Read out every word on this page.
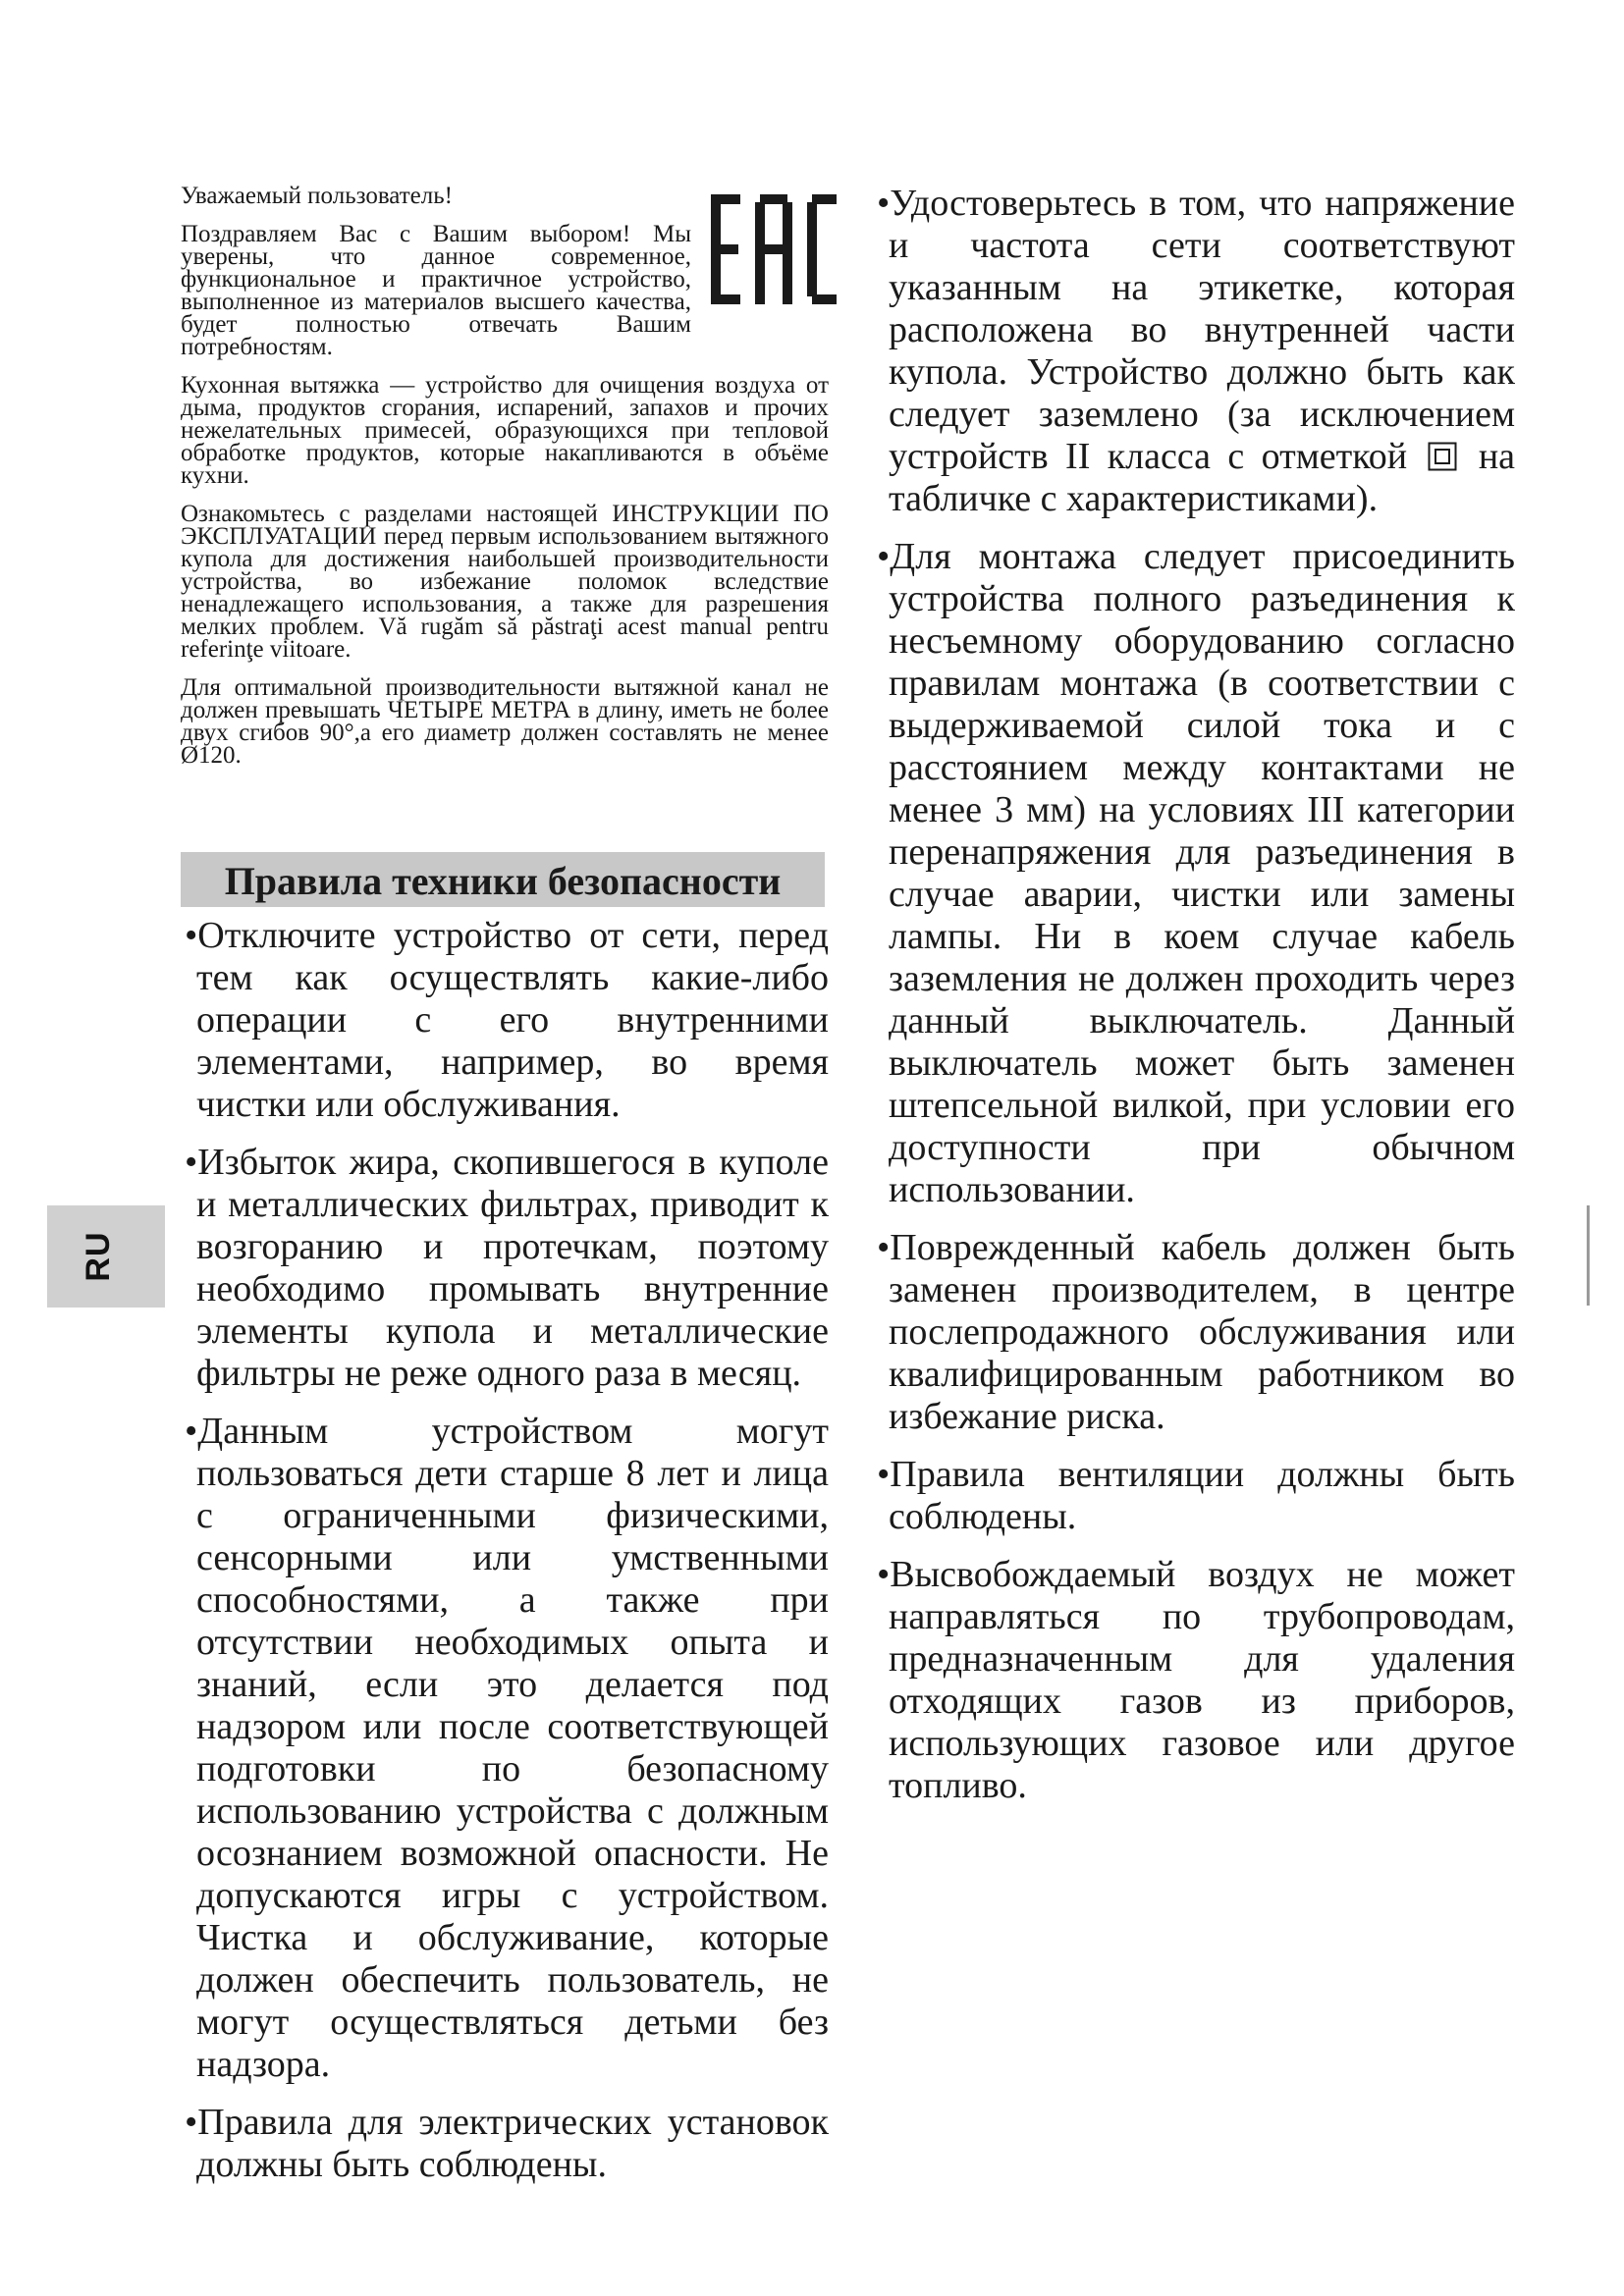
Уважаемый пользователь!

Поздравляем Вас с Вашим выбором! Мы уверены, что данное современное, функциональное и практичное устройство, выполненное из материалов высшего качества, будет полностью отвечать Вашим потребностям.

Кухонная вытяжка — устройство для очищения воздуха от дыма, продуктов сгорания, испарений, запахов и прочих нежелательных примесей, образующихся при тепловой обработке продуктов, которые накапливаются в объёме кухни.

Ознакомьтесь с разделами настоящей ИНСТРУКЦИИ ПО ЭКСПЛУАТАЦИИ перед первым использованием вытяжного купола для достижения наибольшей производительности устройства, во избежание поломок вследствие ненадлежащего использования, а также для разрешения мелких проблем. Vă rugăm să păstraţi acest manual pentru referinţe viitoare.

Для оптимальной производительности вытяжной канал не должен превышать ЧЕТЫРЕ МЕТРА в длину, иметь не более двух сгибов 90°,а его диаметр должен составлять не менее Ø120.

Правила техники безопасности
•Отключите устройство от сети, перед тем как осуществлять какие-либо операции с его внутренними элементами, например, во время чистки или обслуживания.
•Избыток жира, скопившегося в куполе и металлических фильтрах, приводит к возгоранию и протечкам, поэтому необходимо промывать внутренние элементы купола и металлические фильтры не реже одного раза в месяц.
•Данным устройством могут пользоваться дети старше 8 лет и лица с ограниченными физическими, сенсорными или умственными способностями, а также при отсутствии необходимых опыта и знаний, если это делается под надзором или после соответствующей подготовки по безопасному использованию устройства с должным осознанием возможной опасности. Не допускаются игры с устройством. Чистка и обслуживание, которые должен обеспечить пользователь, не могут осуществляться детьми без надзора.
•Правила для электрических установок должны быть соблюдены.
•Удостоверьтесь в том, что напряжение и частота сети соответствуют указанным на этикетке, которая расположена во внутренней части купола. Устройство должно быть как следует заземлено (за исключением устройств II класса с отметкой на табличке с характеристиками).
•Для монтажа следует присоединить устройства полного разъединения к несъемному оборудованию согласно правилам монтажа (в соответствии с выдерживаемой силой тока и с расстоянием между контактами не менее 3 мм) на условиях III категории перенапряжения для разъединения в случае аварии, чистки или замены лампы. Ни в коем случае кабель заземления не должен проходить через данный выключатель. Данный выключатель может быть заменен штепсельной вилкой, при условии его доступности при обычном использовании.
•Поврежденный кабель должен быть заменен производителем, в центре послепродажного обслуживания или квалифицированным работником во избежание риска.
•Правила вентиляции должны быть соблюдены.
•Высвобождаемый воздух не может направляться по трубопроводам, предназначенным для удаления отходящих газов из приборов, использующих газовое или другое топливо.
RU
